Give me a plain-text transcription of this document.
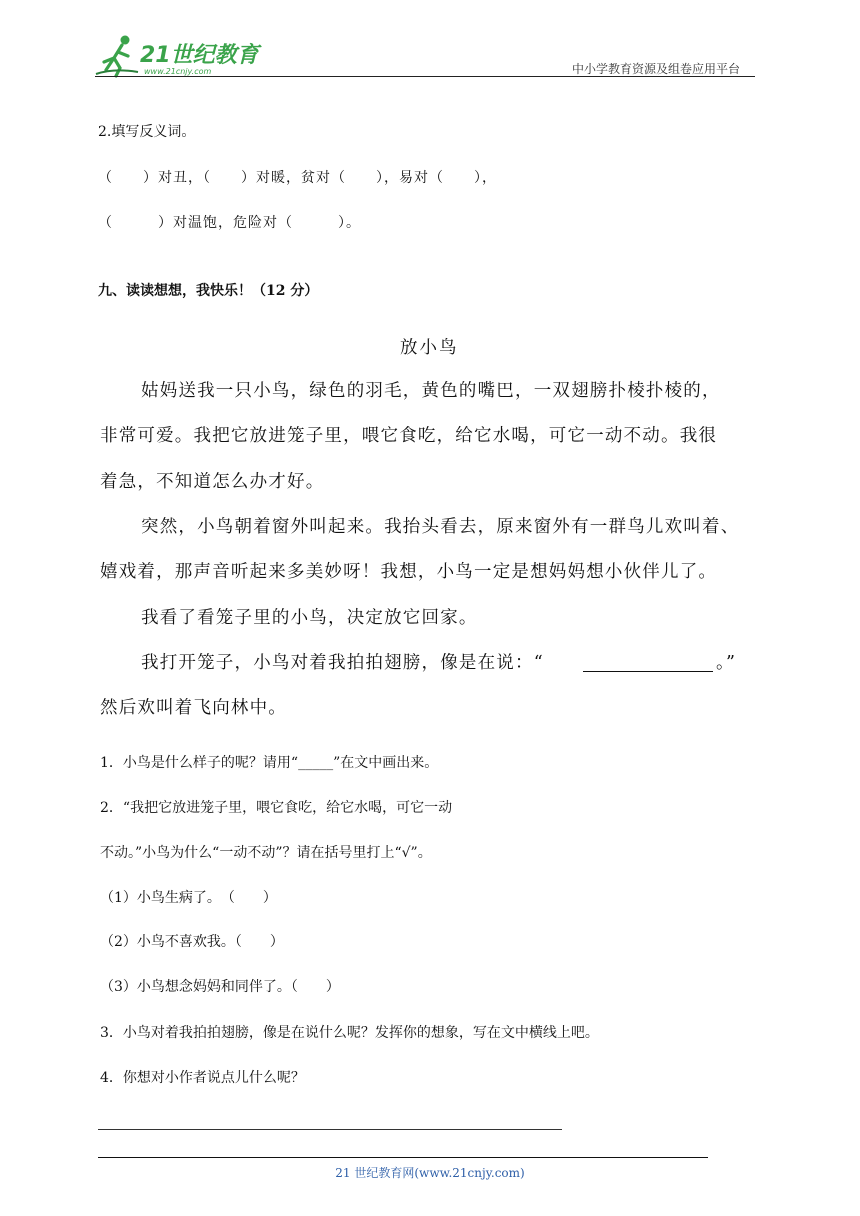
21世纪教育
www.21cnjy.com	中小学教育资源及组卷应用平台
2.填写反义词。
（　　）对丑，（　　）对暖，贫对（　　），易对（　　），
（　　　）对温饱，危险对（　　　）。
九、读读想想，我快乐！（12 分）
放小鸟
姑妈送我一只小鸟，绿色的羽毛，黄色的嘴巴，一双翅膀扑棱扑棱的，
非常可爱。我把它放进笼子里，喂它食吃，给它水喝，可它一动不动。我很
着急，不知道怎么办才好。
突然，小鸟朝着窗外叫起来。我抬头看去，原来窗外有一群鸟儿欢叫着、
嬉戏着，那声音听起来多美妙呀！我想，小鸟一定是想妈妈想小伙伴儿了。
我看了看笼子里的小鸟，决定放它回家。
我打开笼子，小鸟对着我拍拍翅膀，像是在说：“	。”
然后欢叫着飞向林中。
1．小鸟是什么样子的呢？请用“_____”在文中画出来。
2．“我把它放进笼子里，喂它食吃，给它水喝，可它一动
不动。”小鸟为什么“一动不动”？请在括号里打上“√”。
（1）小鸟生病了。　（　　）
（2）小鸟不喜欢我。（　　）
（3）小鸟想念妈妈和同伴了。（　　）
3．小鸟对着我拍拍翅膀，像是在说什么呢？发挥你的想象，写在文中横线上吧。
4．你想对小作者说点儿什么呢？
21 世纪教育网(www.21cnjy.com)
